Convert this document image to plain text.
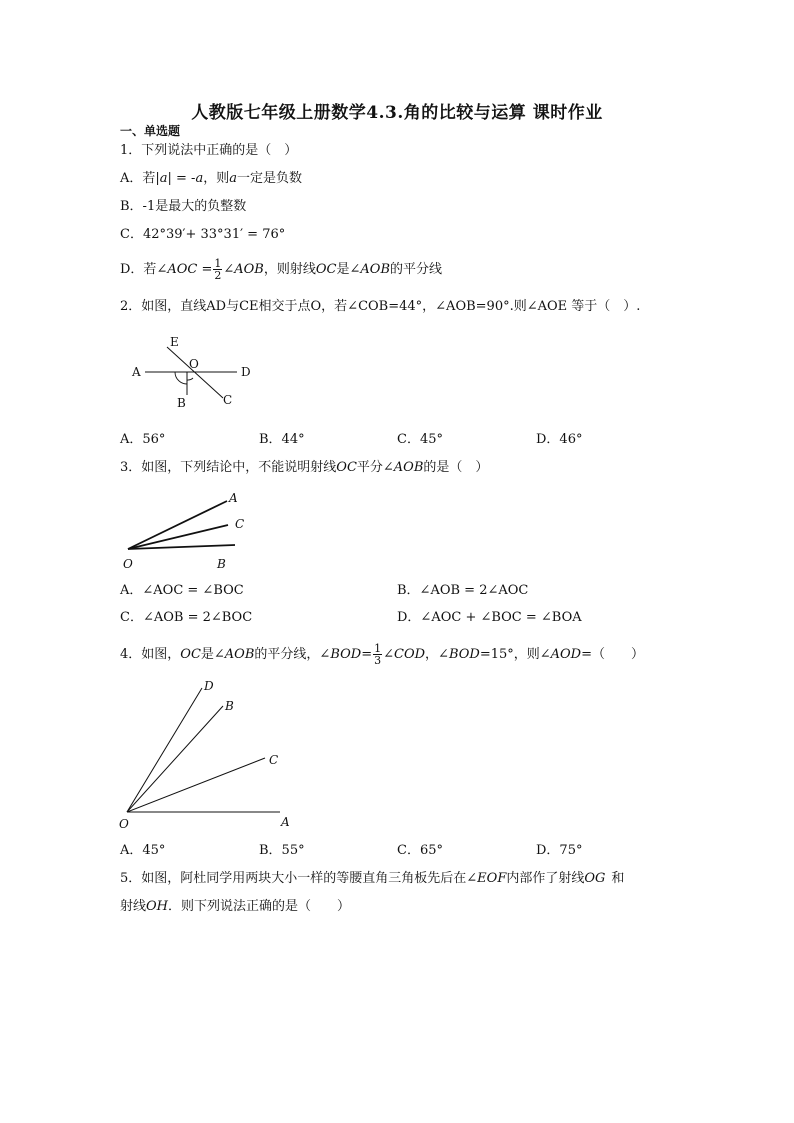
人教版七年级上册数学4.3.角的比较与运算 课时作业
一、单选题
1．下列说法中正确的是（　）
A．若|a| = -a，则a一定是负数
B．-1是最大的负整数
C．42°39′+ 33°31′ = 76°
D．若∠AOC = $\frac{1}{2}$ ∠AOB，则射线OC是∠AOB的平分线
2．如图，直线AD与CE相交于点O，若∠COB=44°，∠AOB=90°.则∠AOE 等于（　）.
E
O
A	D
B	C
A．56°	B．44°	C．45°	D．46°
3．如图，下列结论中，不能说明射线OC平分∠AOB的是（　）
A
C
O	B
A．∠AOC = ∠BOC	B．∠AOB = 2∠AOC
C．∠AOB = 2∠BOC	D．∠AOC + ∠BOC = ∠BOA
4．如图，OC是∠AOB的平分线，∠BOD= $\frac{1}{3}$ ∠COD，∠BOD=15°，则∠AOD=（　　）
D
B
C
O	A
A．45°	B．55°	C．65°	D．75°
5．如图，阿杜同学用两块大小一样的等腰直角三角板先后在∠EOF内部作了射线OG 和
射线OH．则下列说法正确的是（　　）
